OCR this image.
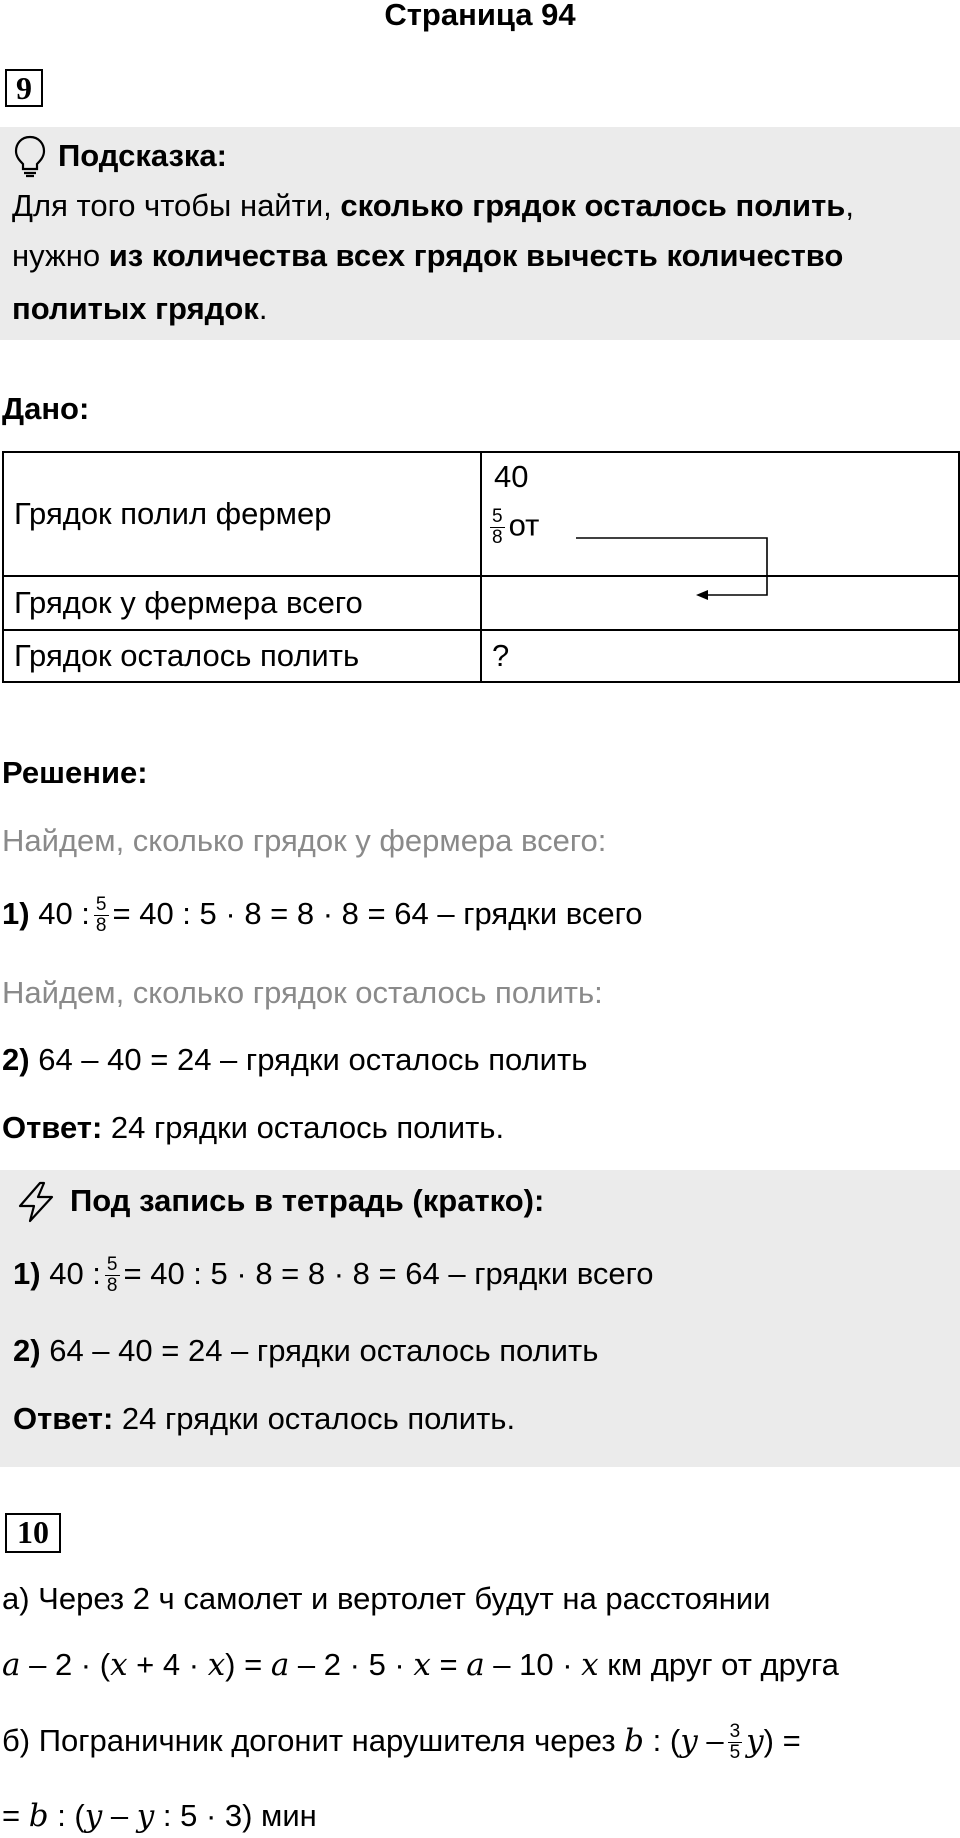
Страница 94
9
Подсказка:
Для того чтобы найти, сколько грядок осталось полить,
нужно из количества всех грядок вычесть количество
политых грядок.
Дано:
Грядок полил фермер	40
$\frac{5}{8}$ от

Грядок у фермера всего	
Грядок осталось полить	?
Решение:
Найдем, сколько грядок у фермера всего:
1) 40 : $\frac{5}{8} = 40$ : 5 · 8 = 8 · 8 = 64 – грядки всего
Найдем, сколько грядок осталось полить:
2) 64 – 40 = 24 – грядки осталось полить
Ответ: 24 грядки осталось полить.
Под запись в тетрадь (кратко):
1) 40 : $\frac{5}{8} = 40$ : 5 · 8 = 8 · 8 = 64 – грядки всего
2) 64 – 40 = 24 – грядки осталось полить
Ответ: 24 грядки осталось полить.
10
а) Через 2 ч самолет и вертолет будут на расстоянии
a – 2 · (x + 4 · x) = a – 2 · 5 · x = a – 10 · x км друг от друга
б) Пограничник догонит нарушителя через b : $(y - \frac{3}{5} y)$ =
= b : (y – y : 5 · 3) мин
